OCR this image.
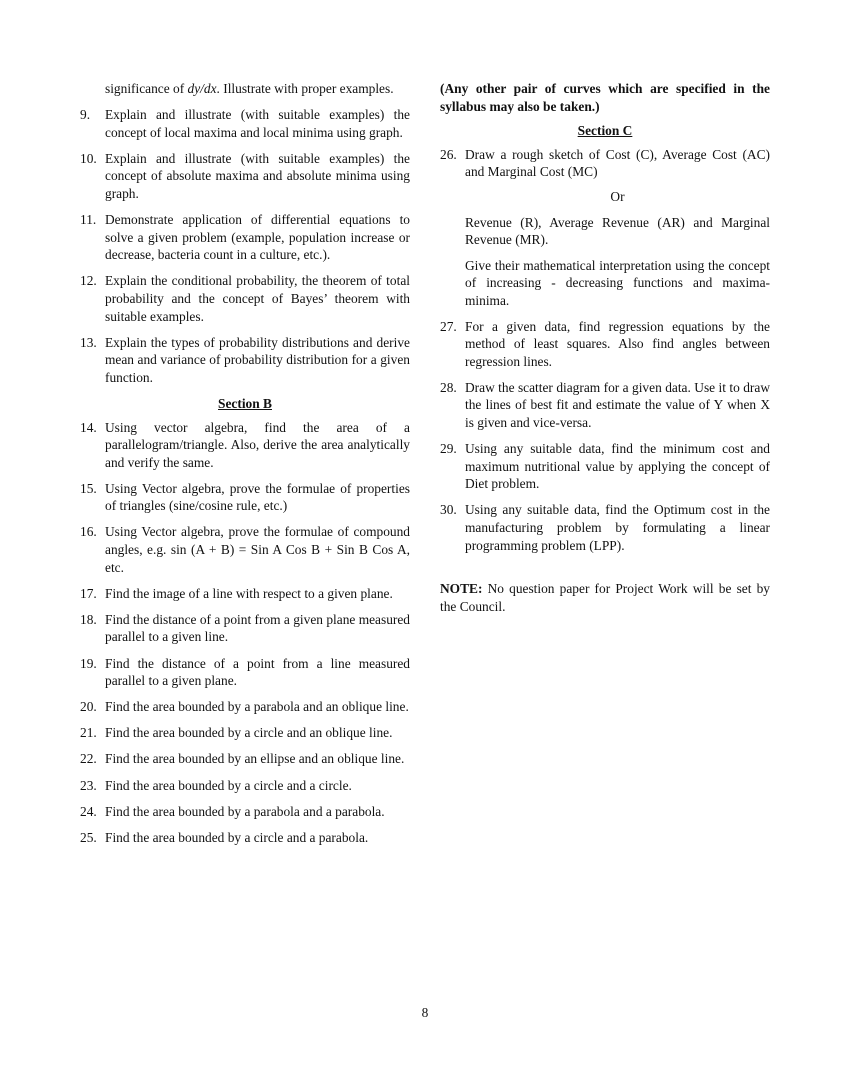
significance of dy/dx. Illustrate with proper examples.
9.	Explain and illustrate (with suitable examples) the concept of local maxima and local minima using graph.
10. Explain and illustrate (with suitable examples) the concept of absolute maxima and absolute minima using graph.
11. Demonstrate application of differential equations to solve a given problem (example, population increase or decrease, bacteria count in a culture, etc.).
12. Explain the conditional probability, the theorem of total probability and the concept of Bayes’ theorem with suitable examples.
13. Explain the types of probability distributions and derive mean and variance of probability distribution for a given function.
Section B
14. Using vector algebra, find the area of a parallelogram/triangle. Also, derive the area analytically and verify the same.
15. Using Vector algebra, prove the formulae of properties of triangles (sine/cosine rule, etc.)
16. Using Vector algebra, prove the formulae of compound angles, e.g. sin (A + B) = Sin A Cos B + Sin B Cos A, etc.
17. Find the image of a line with respect to a given plane.
18. Find the distance of a point from a given plane measured parallel to a given line.
19. Find the distance of a point from a line measured parallel to a given plane.
20. Find the area bounded by a parabola and an oblique line.
21. Find the area bounded by a circle and an oblique line.
22. Find the area bounded by an ellipse and an oblique line.
23. Find the area bounded by a circle and a circle.
24. Find the area bounded by a parabola and a parabola.
25. Find the area bounded by a circle and a parabola.
(Any other pair of curves which are specified in the syllabus may also be taken.)
Section C
26. Draw a rough sketch of Cost (C), Average Cost (AC) and Marginal Cost (MC)
Or
Revenue (R), Average Revenue (AR) and Marginal Revenue (MR).
Give their mathematical interpretation using the concept of increasing - decreasing functions and maxima-minima.
27. For a given data, find regression equations by the method of least squares. Also find angles between regression lines.
28. Draw the scatter diagram for a given data. Use it to draw the lines of best fit and estimate the value of Y when X is given and vice-versa.
29. Using any suitable data, find the minimum cost and maximum nutritional value by applying the concept of Diet problem.
30. Using any suitable data, find the Optimum cost in the manufacturing problem by formulating a linear programming problem (LPP).
NOTE: No question paper for Project Work will be set by the Council.
8
